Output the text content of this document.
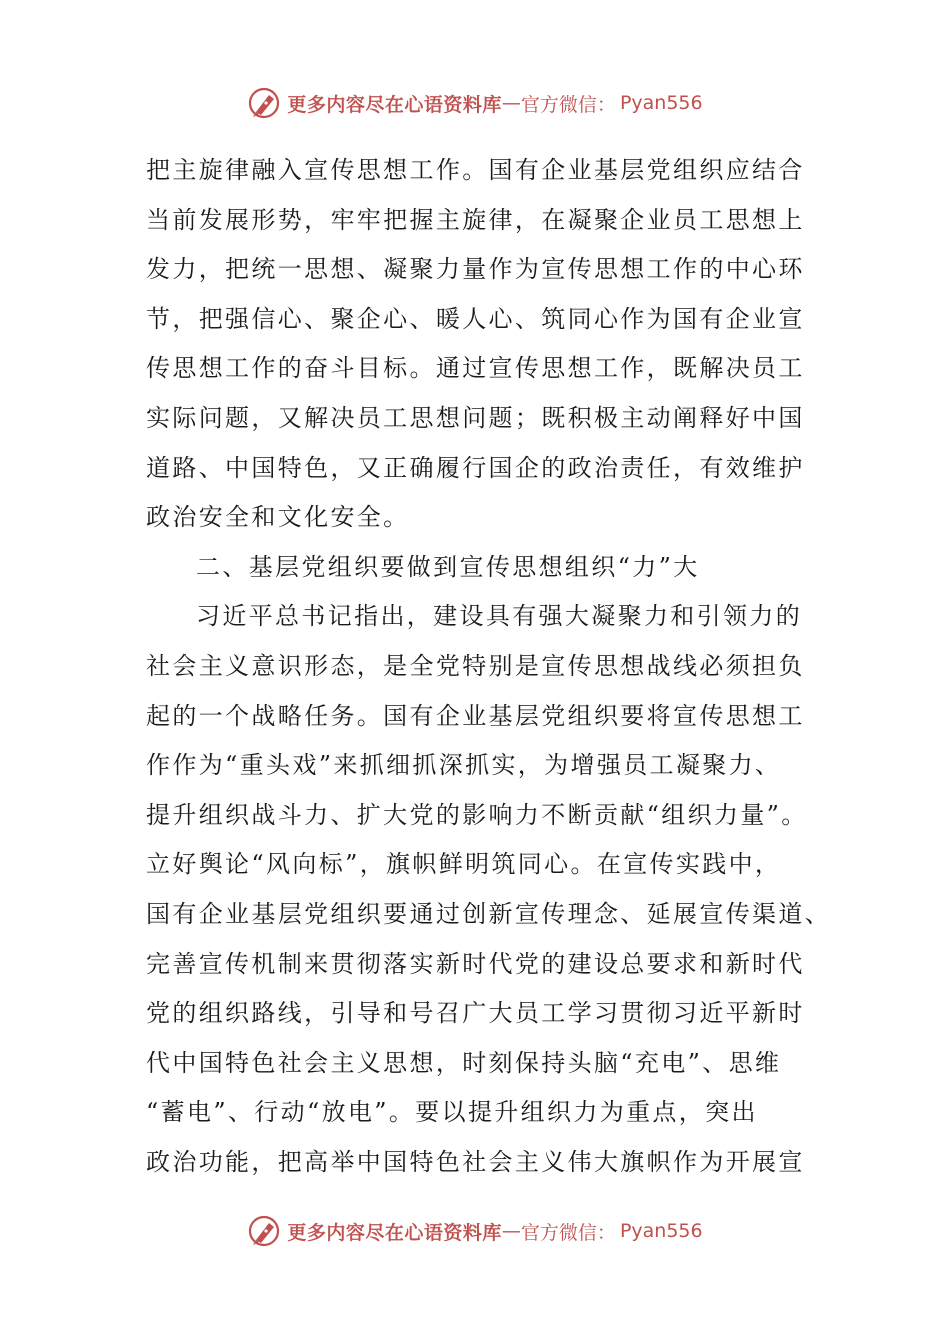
更多内容尽在心语资料库 — 官方微信： Pyan556

把主旋律融入宣传思想工作。国有企业基层党组织应结合

当前发展形势，牢牢把握主旋律，在凝聚企业员工思想上

发力，把统一思想、凝聚力量作为宣传思想工作的中心环

节，把强信心、聚企心、暖人心、筑同心作为国有企业宣

传思想工作的奋斗目标。通过宣传思想工作，既解决员工

实际问题，又解决员工思想问题；既积极主动阐释好中国

道路、中国特色，又正确履行国企的政治责任，有效维护

政治安全和文化安全。

二、基层党组织要做到宣传思想组织“力”大

习近平总书记指出，建设具有强大凝聚力和引领力的

社会主义意识形态，是全党特别是宣传思想战线必须担负

起的一个战略任务。国有企业基层党组织要将宣传思想工

作作为“重头戏”来抓细抓深抓实，为增强员工凝聚力、

提升组织战斗力、扩大党的影响力不断贡献“组织力量”。

立好舆论“风向标”，旗帜鲜明筑同心。在宣传实践中，

国有企业基层党组织要通过创新宣传理念、延展宣传渠道、

完善宣传机制来贯彻落实新时代党的建设总要求和新时代

党的组织路线，引导和号召广大员工学习贯彻习近平新时

代中国特色社会主义思想，时刻保持头脑“充电”、思维

“蓄电”、行动“放电”。要以提升组织力为重点，突出

政治功能，把高举中国特色社会主义伟大旗帜作为开展宣

更多内容尽在心语资料库 — 官方微信： Pyan556
